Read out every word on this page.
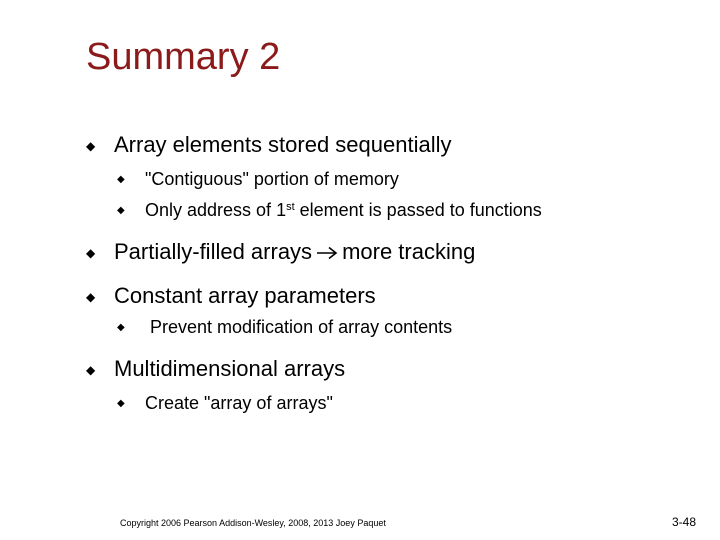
Summary 2
◆ Array elements stored sequentially
◆ "Contiguous" portion of memory
◆ Only address of 1st element is passed to functions
◆ Partially-filled arrays more tracking
◆ Constant array parameters
◆ Prevent modification of array contents
◆ Multidimensional arrays
◆ Create "array of arrays"
Copyright 2006 Pearson Addison-Wesley, 2008, 2013 Joey Paquet	3-48
